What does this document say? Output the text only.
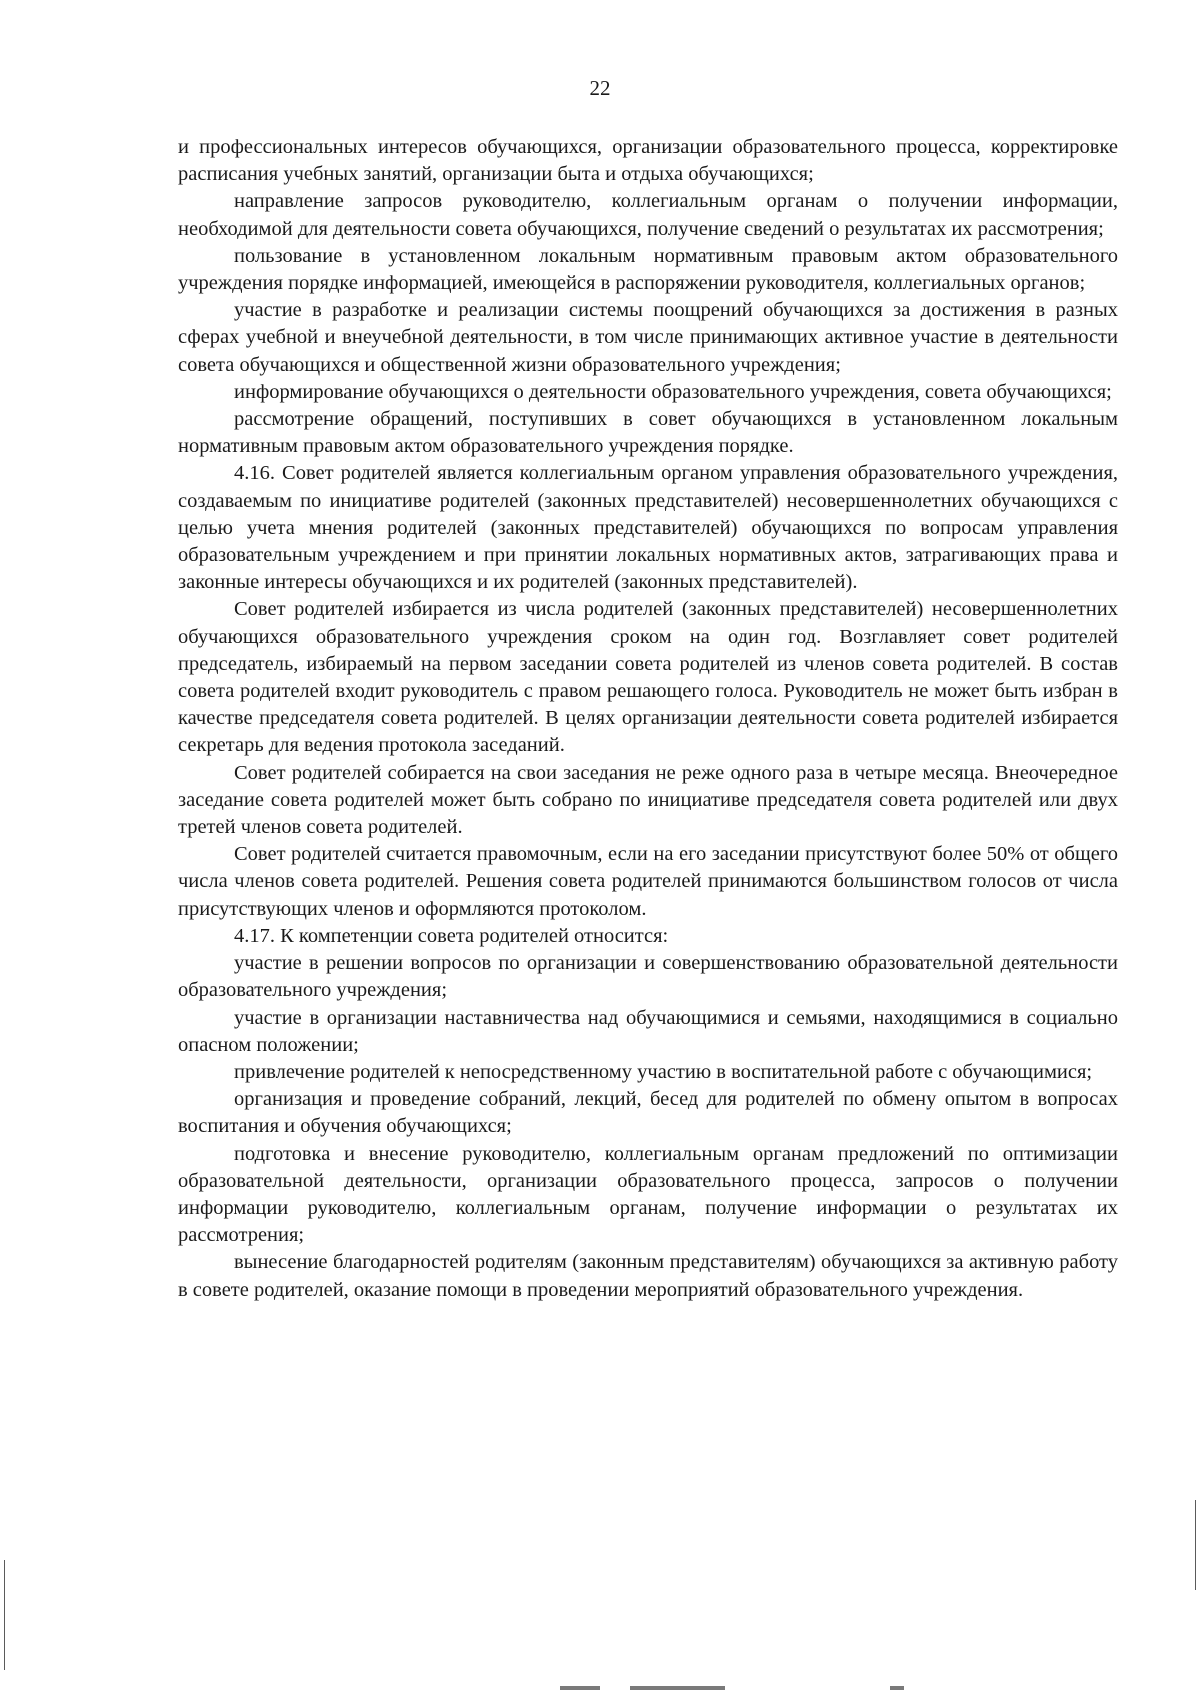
22

и профессиональных интересов обучающихся, организации образовательного процесса, корректировке расписания учебных занятий, организации быта и отдыха обучающихся;

направление запросов руководителю, коллегиальным органам о получении информации, необходимой для деятельности совета обучающихся, получение сведений о результатах их рассмотрения;

пользование в установленном локальным нормативным правовым актом образовательного учреждения порядке информацией, имеющейся в распоряжении руководителя, коллегиальных органов;

участие в разработке и реализации системы поощрений обучающихся за достижения в разных сферах учебной и внеучебной деятельности, в том числе принимающих активное участие в деятельности совета обучающихся и общественной жизни образовательного учреждения;

информирование обучающихся о деятельности образовательного учреждения, совета обучающихся;

рассмотрение обращений, поступивших в совет обучающихся в установленном локальным нормативным правовым актом образовательного учреждения порядке.

4.16. Совет родителей является коллегиальным органом управления образовательного учреждения, создаваемым по инициативе родителей (законных представителей) несовершеннолетних обучающихся с целью учета мнения родителей (законных представителей) обучающихся по вопросам управления образовательным учреждением и при принятии локальных нормативных актов, затрагивающих права и законные интересы обучающихся и их родителей (законных представителей).

Совет родителей избирается из числа родителей (законных представителей) несовершеннолетних обучающихся образовательного учреждения сроком на один год. Возглавляет совет родителей председатель, избираемый на первом заседании совета родителей из членов совета родителей. В состав совета родителей входит руководитель с правом решающего голоса. Руководитель не может быть избран в качестве председателя совета родителей. В целях организации деятельности совета родителей избирается секретарь для ведения протокола заседаний.

Совет родителей собирается на свои заседания не реже одного раза в четыре месяца. Внеочередное заседание совета родителей может быть собрано по инициативе председателя совета родителей или двух третей членов совета родителей.

Совет родителей считается правомочным, если на его заседании присутствуют более 50% от общего числа членов совета родителей. Решения совета родителей принимаются большинством голосов от числа присутствующих членов и оформляются протоколом.

4.17. К компетенции совета родителей относится:

участие в решении вопросов по организации и совершенствованию образовательной деятельности образовательного учреждения;

участие в организации наставничества над обучающимися и семьями, находящимися в социально опасном положении;

привлечение родителей к непосредственному участию в воспитательной работе с обучающимися;

организация и проведение собраний, лекций, бесед для родителей по обмену опытом в вопросах воспитания и обучения обучающихся;

подготовка и внесение руководителю, коллегиальным органам предложений по оптимизации образовательной деятельности, организации образовательного процесса, запросов о получении информации руководителю, коллегиальным органам, получение информации о результатах их рассмотрения;

вынесение благодарностей родителям (законным представителям) обучающихся за активную работу в совете родителей, оказание помощи в проведении мероприятий образовательного учреждения.
